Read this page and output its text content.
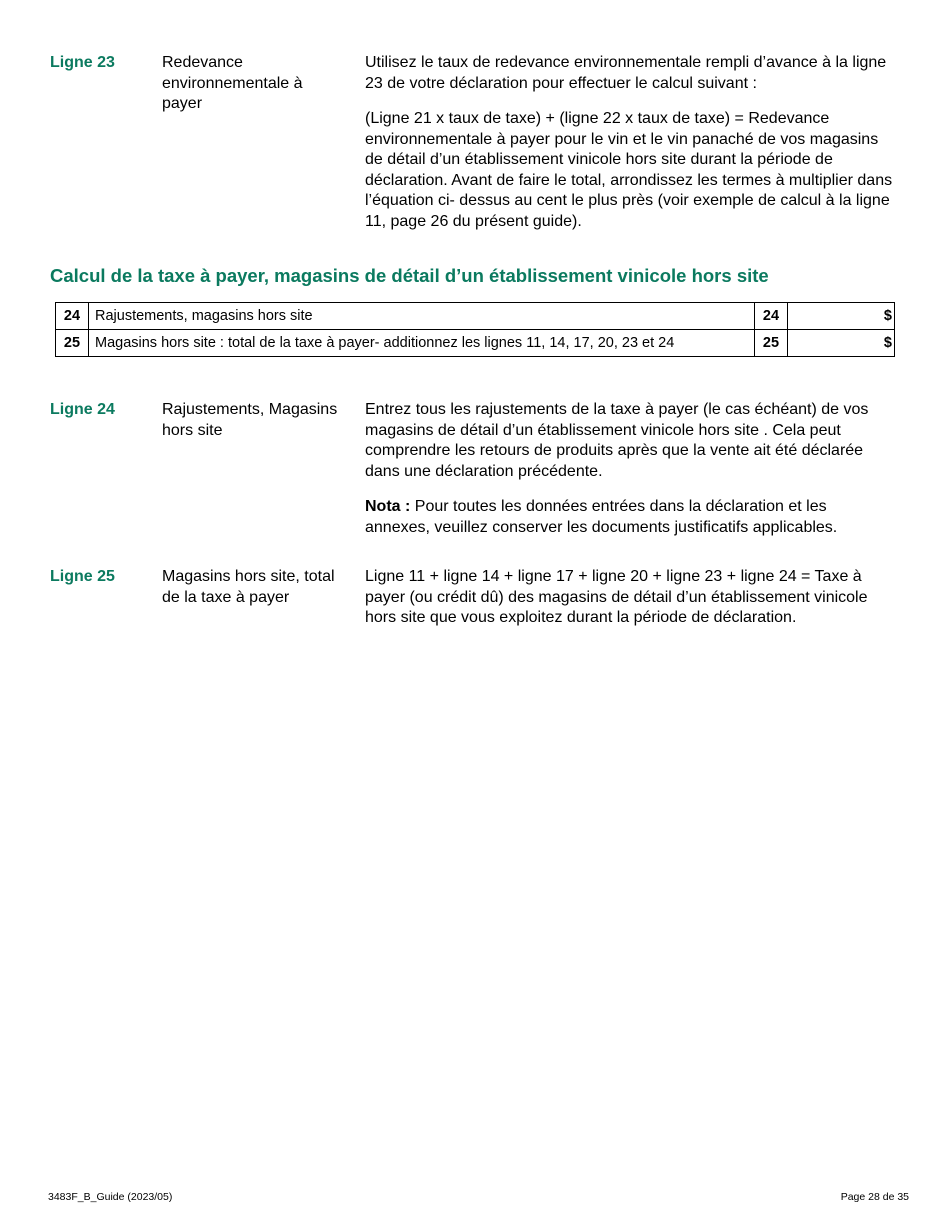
Ligne 23	Redevance environnementale à payer

Utilisez le taux de redevance environnementale rempli d’avance à la ligne 23 de votre déclaration pour effectuer le calcul suivant :

(Ligne 21 x taux de taxe) + (ligne 22 x taux de taxe) = Redevance environnementale à payer pour le vin et le vin panaché de vos magasins de détail d’un établissement vinicole hors site durant la période de déclaration. Avant de faire le total, arrondissez les termes à multiplier dans l’équation ci- dessus au cent le plus près (voir exemple de calcul à la ligne 11, page 26 du présent guide).

Calcul de la taxe à payer, magasins de détail d’un établissement vinicole hors site
24	Rajustements, magasins hors site	24	$
25	Magasins hors site : total de la taxe à payer- additionnez les lignes 11, 14, 17, 20, 23 et 24	25	$
Ligne 24	Rajustements, Magasins hors site

Entrez tous les rajustements de la taxe à payer (le cas échéant) de vos magasins de détail d’un établissement vinicole hors site . Cela peut comprendre les retours de produits après que la vente ait été déclarée dans une déclaration précédente.

Nota : Pour toutes les données entrées dans la déclaration et les annexes, veuillez conserver les documents justificatifs applicables.

Ligne 25	Magasins hors site, total de la taxe à payer

Ligne 11 + ligne 14 + ligne 17 + ligne 20 + ligne 23 + ligne 24 = Taxe à payer (ou crédit dû) des magasins de détail d’un établissement vinicole hors site que vous exploitez durant la période de déclaration.

3483F_B_Guide (2023/05)	Page 28 de 35
